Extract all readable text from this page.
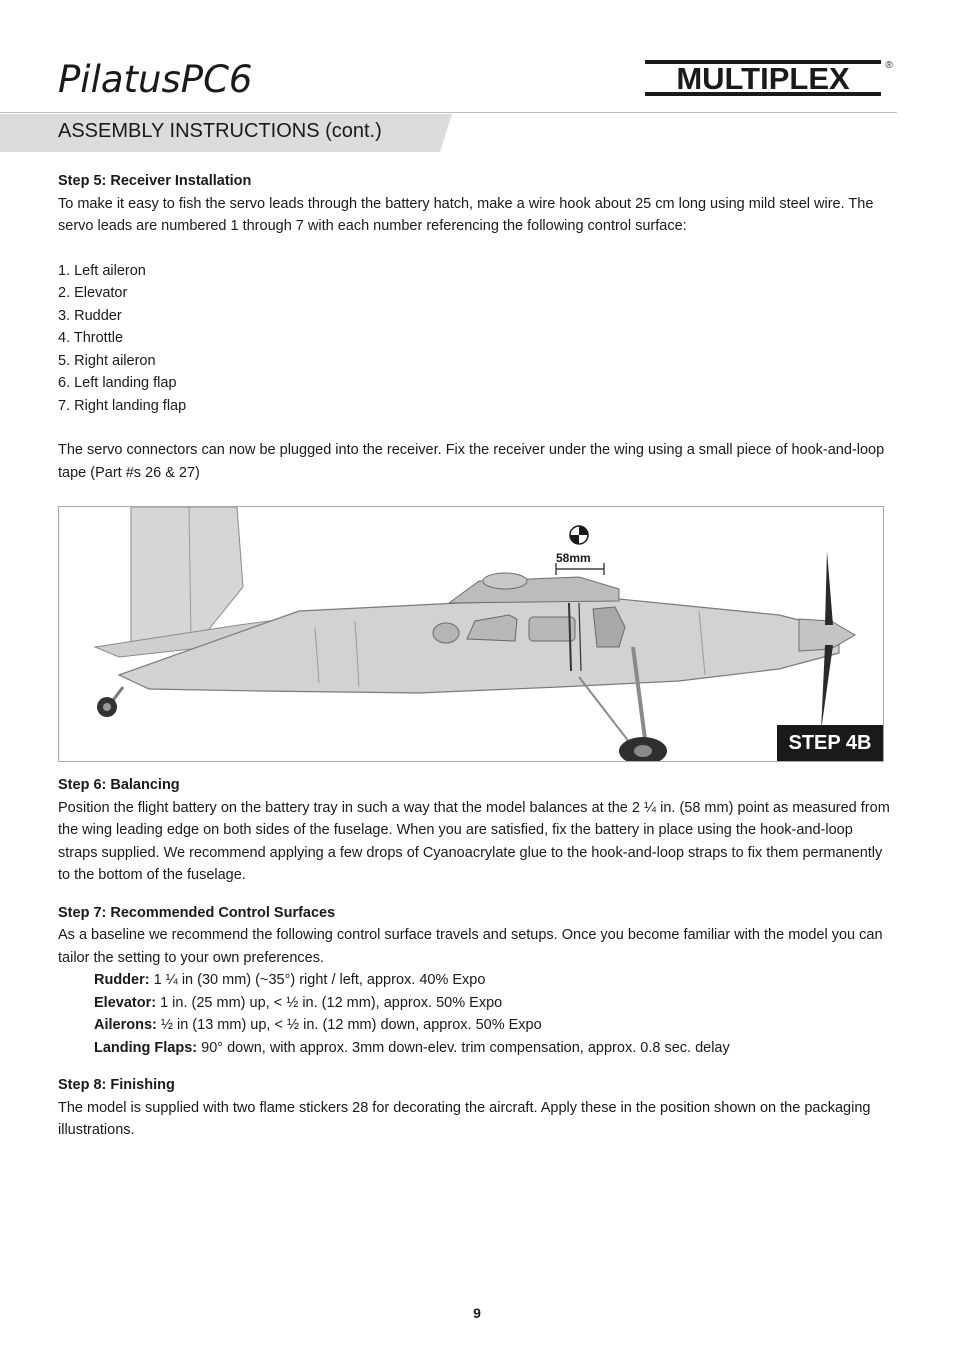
PilatusPC6	MULTIPLEX	®
ASSEMBLY INSTRUCTIONS (cont.)

Step 5: Receiver Installation

To make it easy to fish the servo leads through the battery hatch, make a wire hook about 25 cm long using mild steel wire. The servo leads are numbered 1 through 7 with each number referencing the following control surface:

1. Left aileron

2. Elevator

3. Rudder

4. Throttle

5. Right aileron

6. Left landing flap

7. Right landing flap

The servo connectors can now be plugged into the receiver. Fix the receiver under the wing using a small piece of hook-and-loop tape (Part #s 26 & 27)

58mm
STEP 4B

Step 6: Balancing

Position the flight battery on the battery tray in such a way that the model balances at the 2 ¼ in. (58 mm) point as measured from the wing leading edge on both sides of the fuselage. When you are satisfied, fix the battery in place using the hook-and-loop straps supplied. We recommend applying a few drops of Cyanoacrylate glue to the hook-and-loop straps to fix them permanently to the bottom of the fuselage.

Step 7: Recommended Control Surfaces

As a baseline we recommend the following control surface travels and setups. Once you become familiar with the model you can tailor the setting to your own preferences.

Rudder: 1 ¼ in (30 mm) (~35°) right / left, approx. 40% Expo

Elevator: 1 in. (25 mm) up, < ½ in. (12 mm), approx. 50% Expo

Ailerons: ½ in (13 mm) up, < ½ in. (12 mm) down, approx. 50% Expo

Landing Flaps: 90° down, with approx. 3mm down-elev. trim compensation, approx. 0.8 sec. delay

Step 8: Finishing

The model is supplied with two flame stickers 28 for decorating the aircraft. Apply these in the position shown on the packaging illustrations.

9
